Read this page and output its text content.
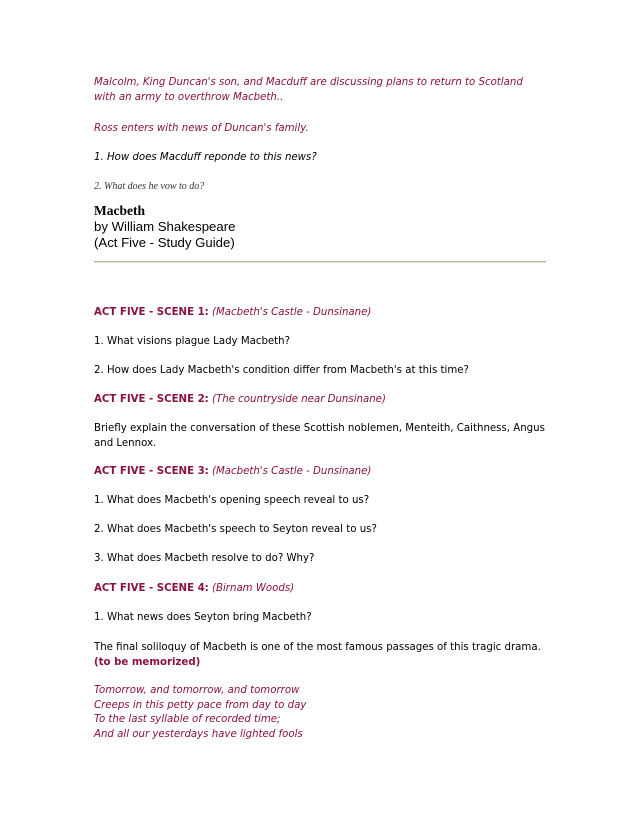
Malcolm, King Duncan's son, and Macduff are discussing plans to return to Scotland with an army to overthrow Macbeth..

Ross enters with news of Duncan's family.

1. How does Macduff reponde to this news?

2. What does he vow to do?

Macbeth
by William Shakespeare
(Act Five - Study Guide)

ACT FIVE - SCENE 1: (Macbeth's Castle - Dunsinane)

1. What visions plague Lady Macbeth?

2. How does Lady Macbeth's condition differ from Macbeth's at this time?

ACT FIVE - SCENE 2: (The countryside near Dunsinane)

Briefly explain the conversation of these Scottish noblemen, Menteith, Caithness, Angus and Lennox.

ACT FIVE - SCENE 3: (Macbeth's Castle - Dunsinane)

1. What does Macbeth's opening speech reveal to us?

2. What does Macbeth's speech to Seyton reveal to us?

3. What does Macbeth resolve to do? Why?

ACT FIVE - SCENE 4: (Birnam Woods)

1. What news does Seyton bring Macbeth?

The final soliloquy of Macbeth is one of the most famous passages of this tragic drama. (to be memorized)

Tomorrow, and tomorrow, and tomorrow

Creeps in this petty pace from day to day

To the last syllable of recorded time;

And all our yesterdays have lighted fools
